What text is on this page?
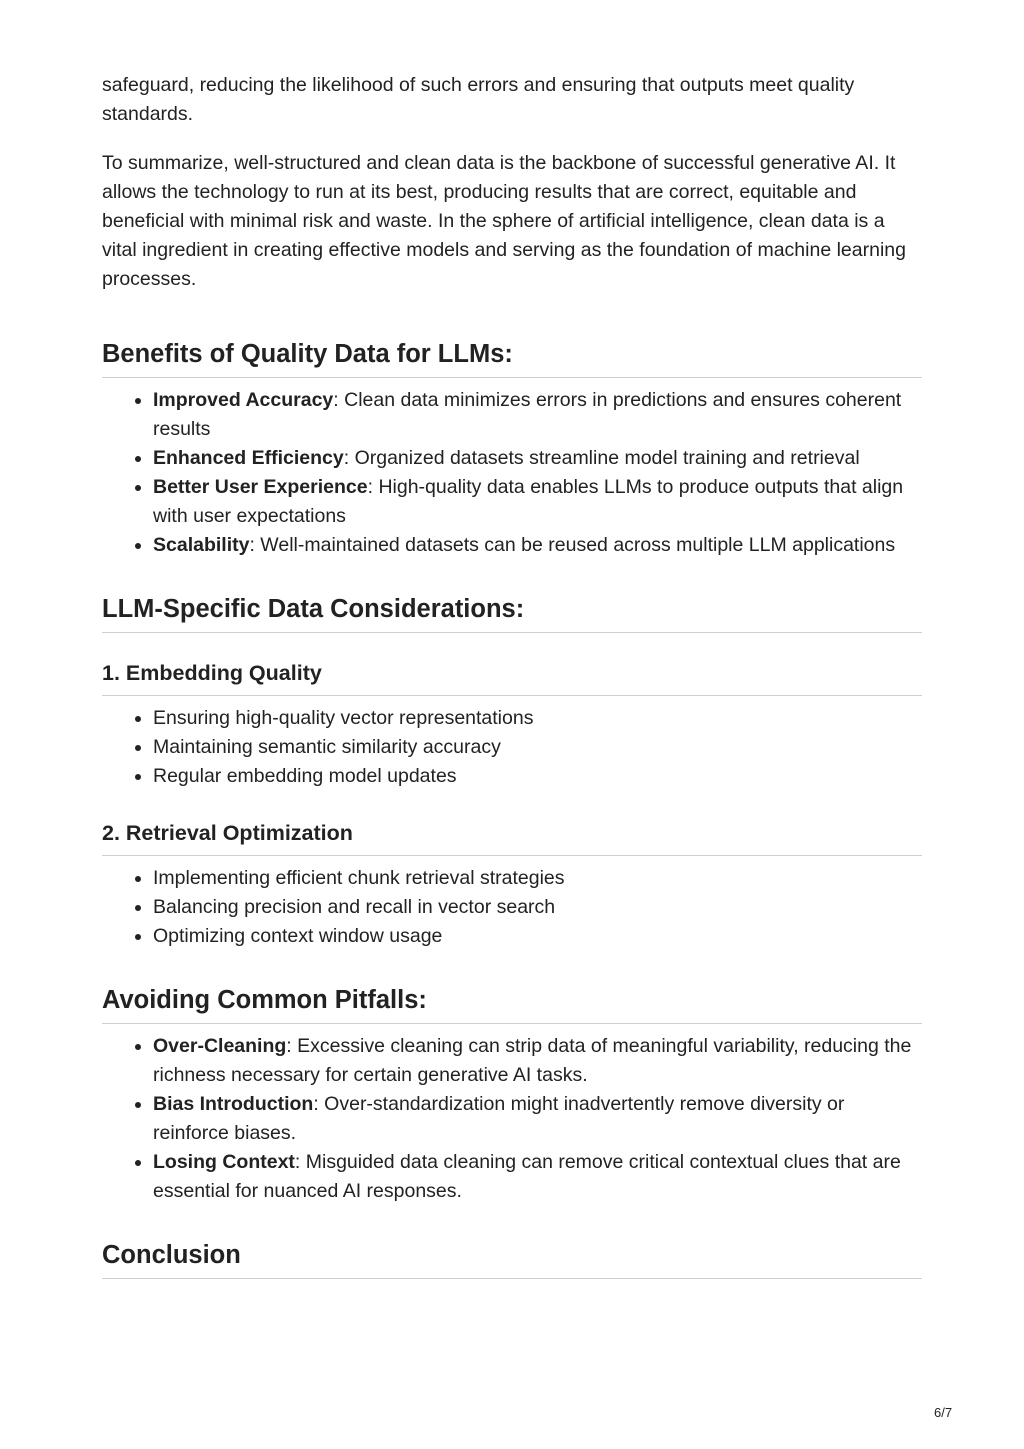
safeguard, reducing the likelihood of such errors and ensuring that outputs meet quality standards.

To summarize, well-structured and clean data is the backbone of successful generative AI. It allows the technology to run at its best, producing results that are correct, equitable and beneficial with minimal risk and waste. In the sphere of artificial intelligence, clean data is a vital ingredient in creating effective models and serving as the foundation of machine learning processes.

Benefits of Quality Data for LLMs:
• Improved Accuracy: Clean data minimizes errors in predictions and ensures coherent results
• Enhanced Efficiency: Organized datasets streamline model training and retrieval
• Better User Experience: High-quality data enables LLMs to produce outputs that align with user expectations
• Scalability: Well-maintained datasets can be reused across multiple LLM applications
LLM-Specific Data Considerations:
1. Embedding Quality
• Ensuring high-quality vector representations
• Maintaining semantic similarity accuracy
• Regular embedding model updates
2. Retrieval Optimization
• Implementing efficient chunk retrieval strategies
• Balancing precision and recall in vector search
• Optimizing context window usage
Avoiding Common Pitfalls:
• Over-Cleaning: Excessive cleaning can strip data of meaningful variability, reducing the richness necessary for certain generative AI tasks.
• Bias Introduction: Over-standardization might inadvertently remove diversity or reinforce biases.
• Losing Context: Misguided data cleaning can remove critical contextual clues that are essential for nuanced AI responses.
Conclusion
6/7
